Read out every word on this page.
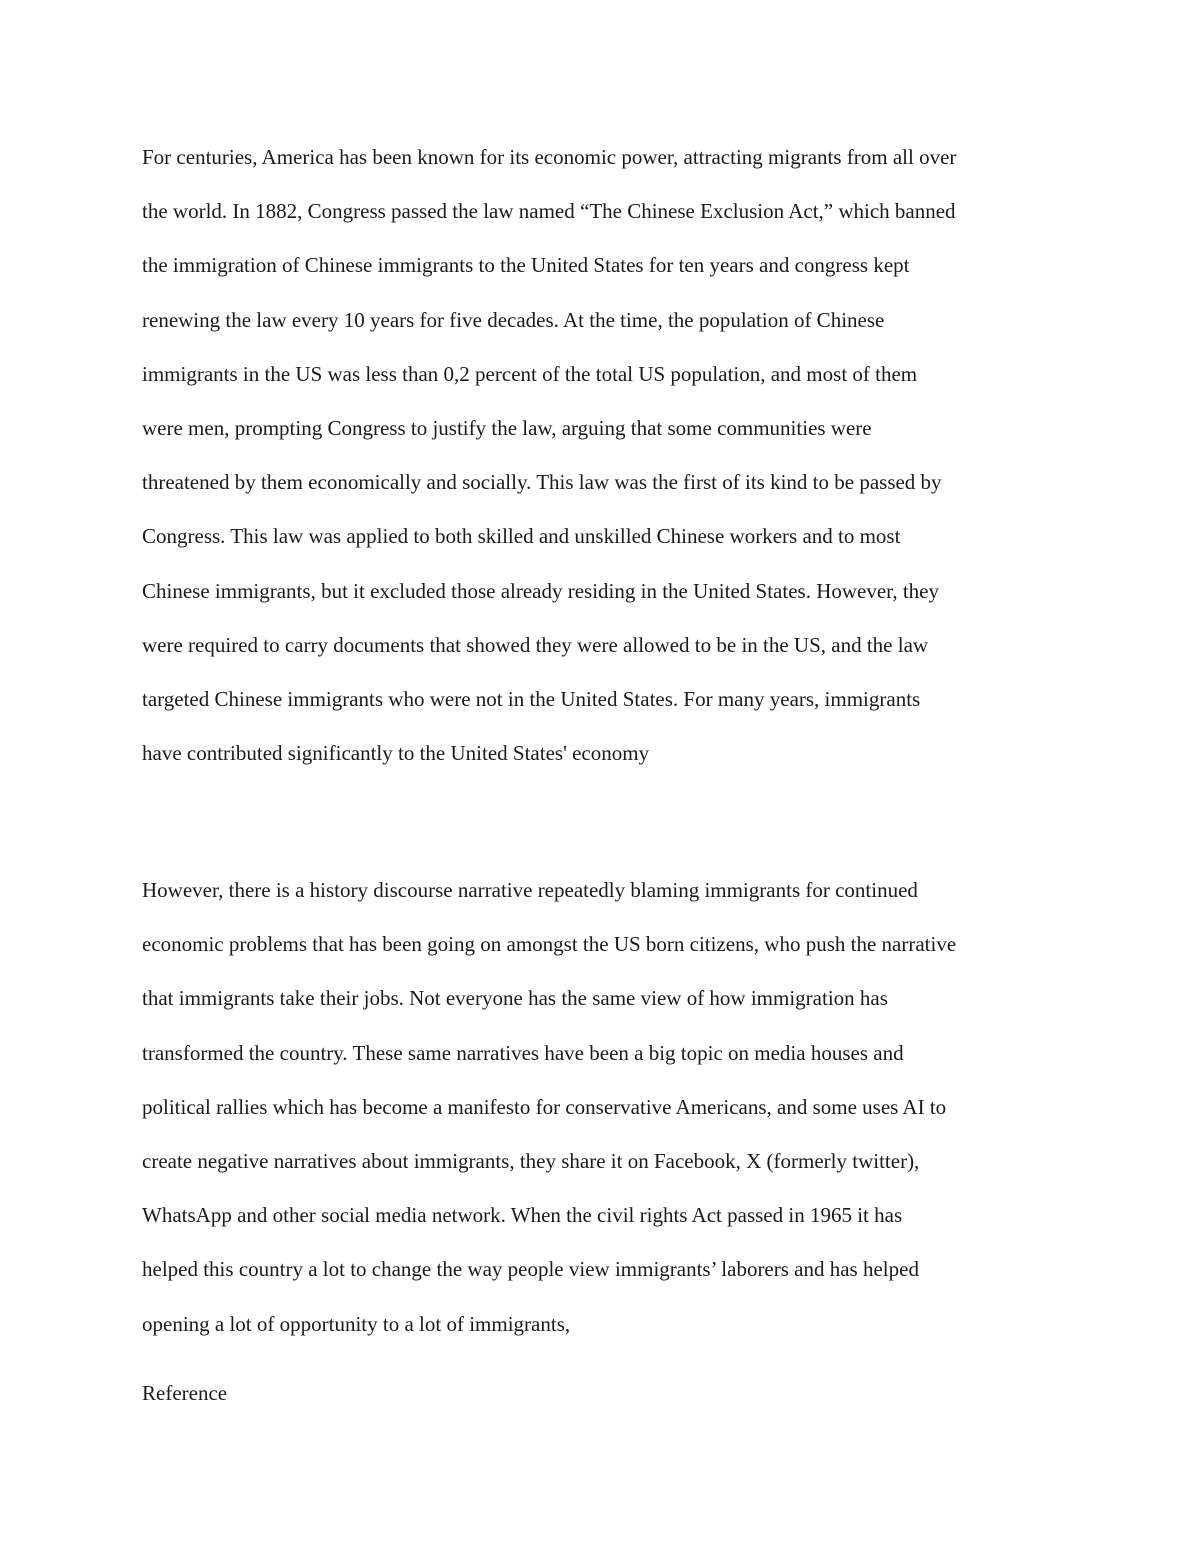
For centuries, America has been known for its economic power, attracting migrants from all over
the world. In 1882, Congress passed the law named “The Chinese Exclusion Act,” which banned
the immigration of Chinese immigrants to the United States for ten years and congress kept
renewing the law every 10 years for five decades. At the time, the population of Chinese
immigrants in the US was less than 0,2 percent of the total US population, and most of them
were men, prompting Congress to justify the law, arguing that some communities were
threatened by them economically and socially. This law was the first of its kind to be passed by
Congress. This law was applied to both skilled and unskilled Chinese workers and to most
Chinese immigrants, but it excluded those already residing in the United States. However, they
were required to carry documents that showed they were allowed to be in the US, and the law
targeted Chinese immigrants who were not in the United States. For many years, immigrants
have contributed significantly to the United States' economy

However, there is a history discourse narrative repeatedly blaming immigrants for continued
economic problems that has been going on amongst the US born citizens, who push the narrative
that immigrants take their jobs. Not everyone has the same view of how immigration has
transformed the country. These same narratives have been a big topic on media houses and
political rallies which has become a manifesto for conservative Americans, and some uses AI to
create negative narratives about immigrants, they share it on Facebook, X (formerly twitter),
WhatsApp and other social media network. When the civil rights Act passed in 1965 it has
helped this country a lot to change the way people view immigrants’ laborers and has helped
opening a lot of opportunity to a lot of immigrants,

Reference
